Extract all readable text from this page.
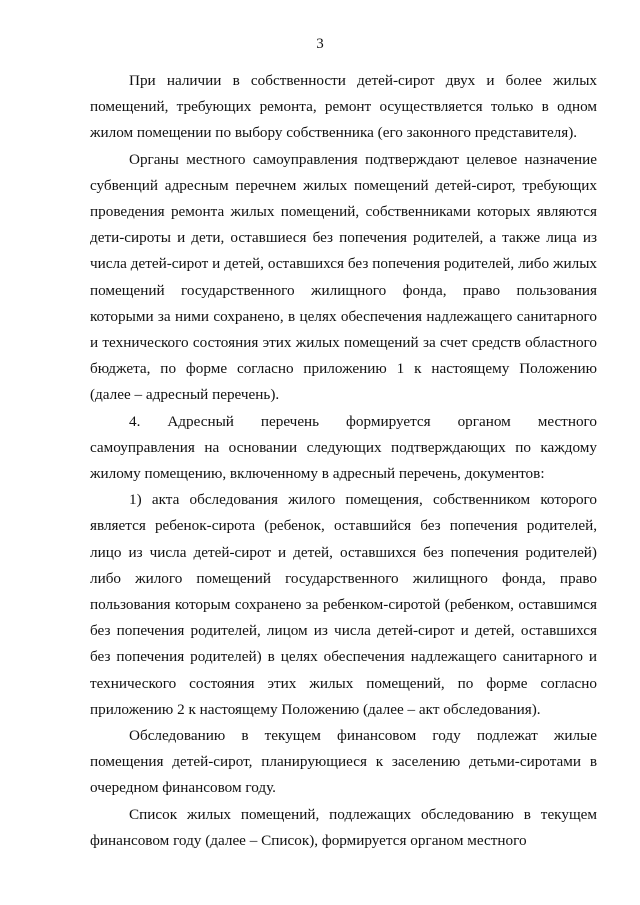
3

При наличии в собственности детей-сирот двух и более жилых
помещений, требующих ремонта, ремонт осуществляется только в одном
жилом помещении по выбору собственника (его законного представителя).

Органы местного самоуправления подтверждают целевое назначение
субвенций адресным перечнем жилых помещений детей-сирот, требующих
проведения ремонта жилых помещений, собственниками которых являются
дети-сироты и дети, оставшиеся без попечения родителей, а также лица из
числа детей-сирот и детей, оставшихся без попечения родителей, либо жилых
помещений государственного жилищного фонда, право пользования
которыми за ними сохранено, в целях обеспечения надлежащего санитарного
и технического состояния этих жилых помещений за счет средств областного
бюджета, по форме согласно приложению 1 к настоящему Положению
(далее – адресный перечень).

4. Адресный перечень формируется органом местного
самоуправления на основании следующих подтверждающих по каждому
жилому помещению, включенному в адресный перечень, документов:

1) акта обследования жилого помещения, собственником которого
является ребенок-сирота (ребенок, оставшийся без попечения родителей,
лицо из числа детей-сирот и детей, оставшихся без попечения родителей)
либо жилого помещений государственного жилищного фонда, право
пользования которым сохранено за ребенком-сиротой (ребенком, оставшимся
без попечения родителей, лицом из числа детей-сирот и детей, оставшихся
без попечения родителей) в целях обеспечения надлежащего санитарного и
технического состояния этих жилых помещений, по форме согласно
приложению 2 к настоящему Положению (далее – акт обследования).

Обследованию в текущем финансовом году подлежат жилые
помещения детей-сирот, планирующиеся к заселению детьми-сиротами в
очередном финансовом году.

Список жилых помещений, подлежащих обследованию в текущем
финансовом году (далее – Список), формируется органом местного
